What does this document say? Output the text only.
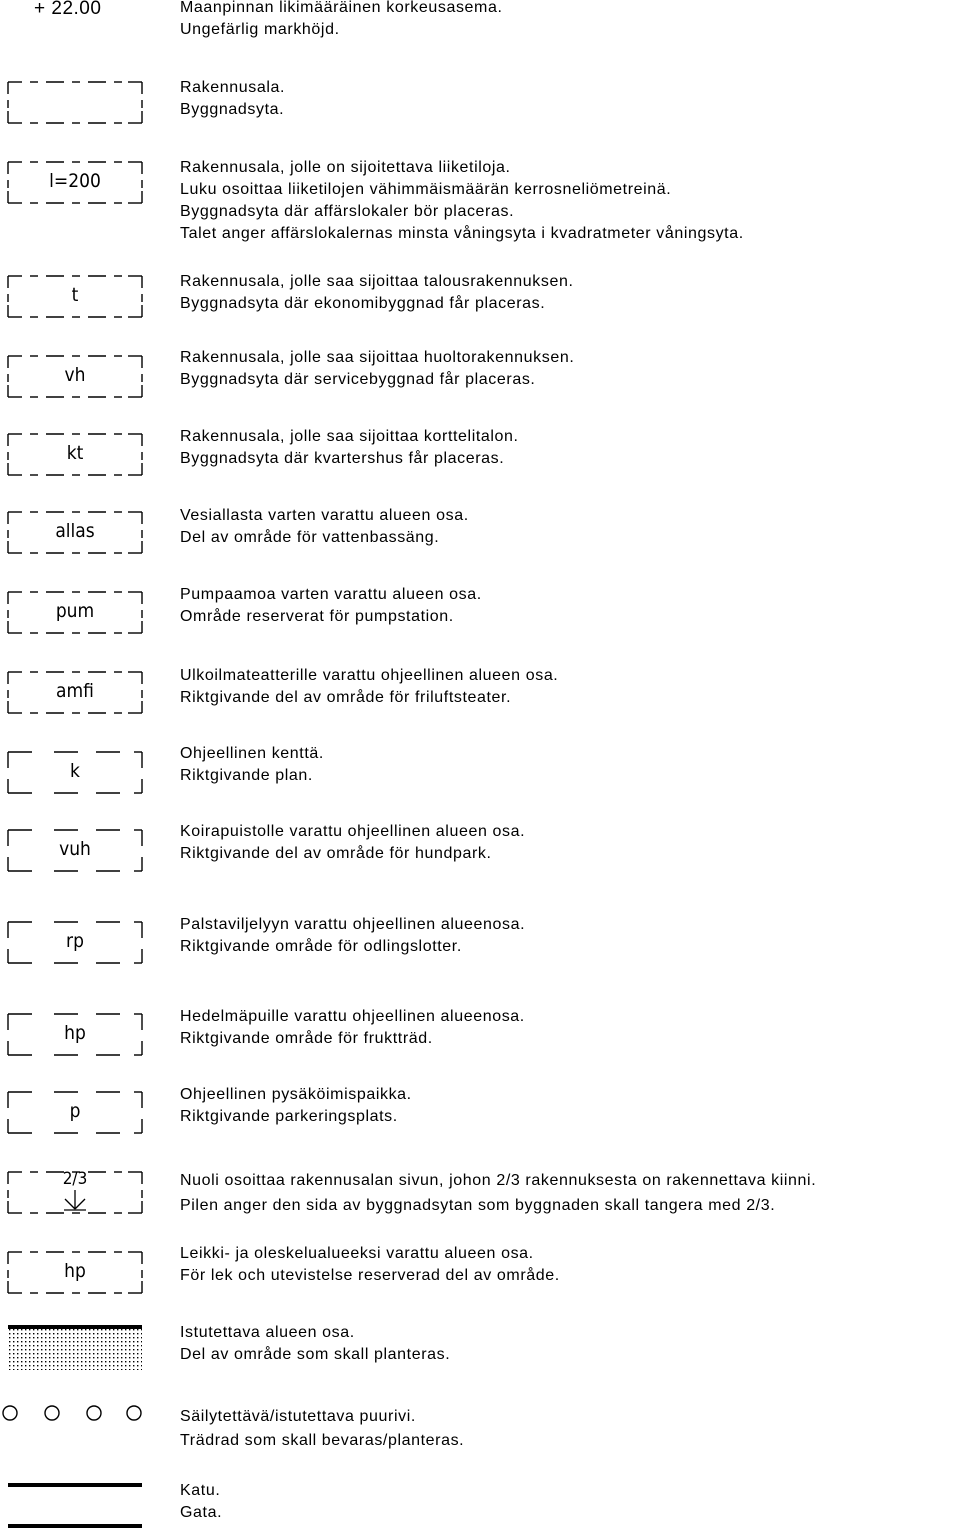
+ 22.00	Maanpinnan likimääräinen korkeusasema.
Ungefärlig markhöjd.
Rakennusala.
Byggnadsyta.
l=200
Rakennusala, jolle on sijoitettava liiketiloja.
Luku osoittaa liiketilojen vähimmäismäärän kerrosneliömetreinä.
Byggnadsyta där affärslokaler bör placeras.
Talet anger affärslokalernas minsta våningsyta i kvadratmeter våningsyta.
t
Rakennusala, jolle saa sijoittaa talousrakennuksen.
Byggnadsyta där ekonomibyggnad får placeras.
vh
Rakennusala, jolle saa sijoittaa huoltorakennuksen.
Byggnadsyta där servicebyggnad får placeras.
kt
Rakennusala, jolle saa sijoittaa korttelitalon.
Byggnadsyta där kvartershus får placeras.
allas
Vesiallasta varten varattu alueen osa.
Del av område för vattenbassäng.
pum
Pumpaamoa varten varattu alueen osa.
Område reserverat för pumpstation.
amfi
Ulkoilmateatterille varattu ohjeellinen alueen osa.
Riktgivande del av område för friluftsteater.
k
Ohjeellinen kenttä.
Riktgivande plan.
vuh
Koirapuistolle varattu ohjeellinen alueen osa.
Riktgivande del av område för hundpark.
rp
Palstaviljelyyn varattu ohjeellinen alueenosa.
Riktgivande område för odlingslotter.
hp
Hedelmäpuille varattu ohjeellinen alueenosa.
Riktgivande område för fruktträd.
p
Ohjeellinen pysäköimispaikka.
Riktgivande parkeringsplats.
2/3	Nuoli osoittaa rakennusalan sivun, johon 2/3 rakennuksesta on rakennettava kiinni.
Pilen anger den sida av byggnadsytan som byggnaden skall tangera med 2/3.
hp
Leikki- ja oleskelualueeksi varattu alueen osa.
För lek och utevistelse reserverad del av område.
Istutettava alueen osa.
Del av område som skall planteras.
Säilytettävä/istutettava puurivi.
Trädrad som skall bevaras/planteras.
Katu.
Gata.
